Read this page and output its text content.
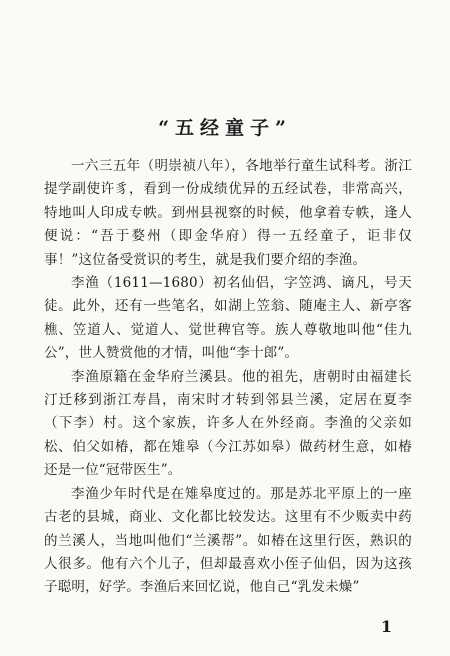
“五经童子”

一六三五年（明崇祯八年），各地举行童生试科考。浙江提学副使许豸，看到一份成绩优异的五经试卷，非常高兴，特地叫人印成专帙。到州县视察的时候，他拿着专帙，逢人便说：“吾于婺州（即金华府）得一五经童子，讵非仅事！”这位备受赏识的考生，就是我们要介绍的李渔。

李渔（1611—1680）初名仙侣，字笠鸿、谪凡，号天徒。此外，还有一些笔名，如湖上笠翁、随庵主人、新亭客樵、笠道人、觉道人、觉世稗官等。族人尊敬地叫他“佳九公”，世人赞赏他的才情，叫他“李十郎”。

李渔原籍在金华府兰溪县。他的祖先，唐朝时由福建长汀迁移到浙江寿昌，南宋时才转到邻县兰溪，定居在夏李（下李）村。这个家族，许多人在外经商。李渔的父亲如松、伯父如椿，都在雉皋（今江苏如皋）做药材生意，如椿还是一位“冠带医生”。

李渔少年时代是在雉皋度过的。那是苏北平原上的一座古老的县城，商业、文化都比较发达。这里有不少贩卖中药的兰溪人，当地叫他们“兰溪帮”。如椿在这里行医，熟识的人很多。他有六个儿子，但却最喜欢小侄子仙侣，因为这孩子聪明，好学。李渔后来回忆说，他自己“乳发未燥”

1
